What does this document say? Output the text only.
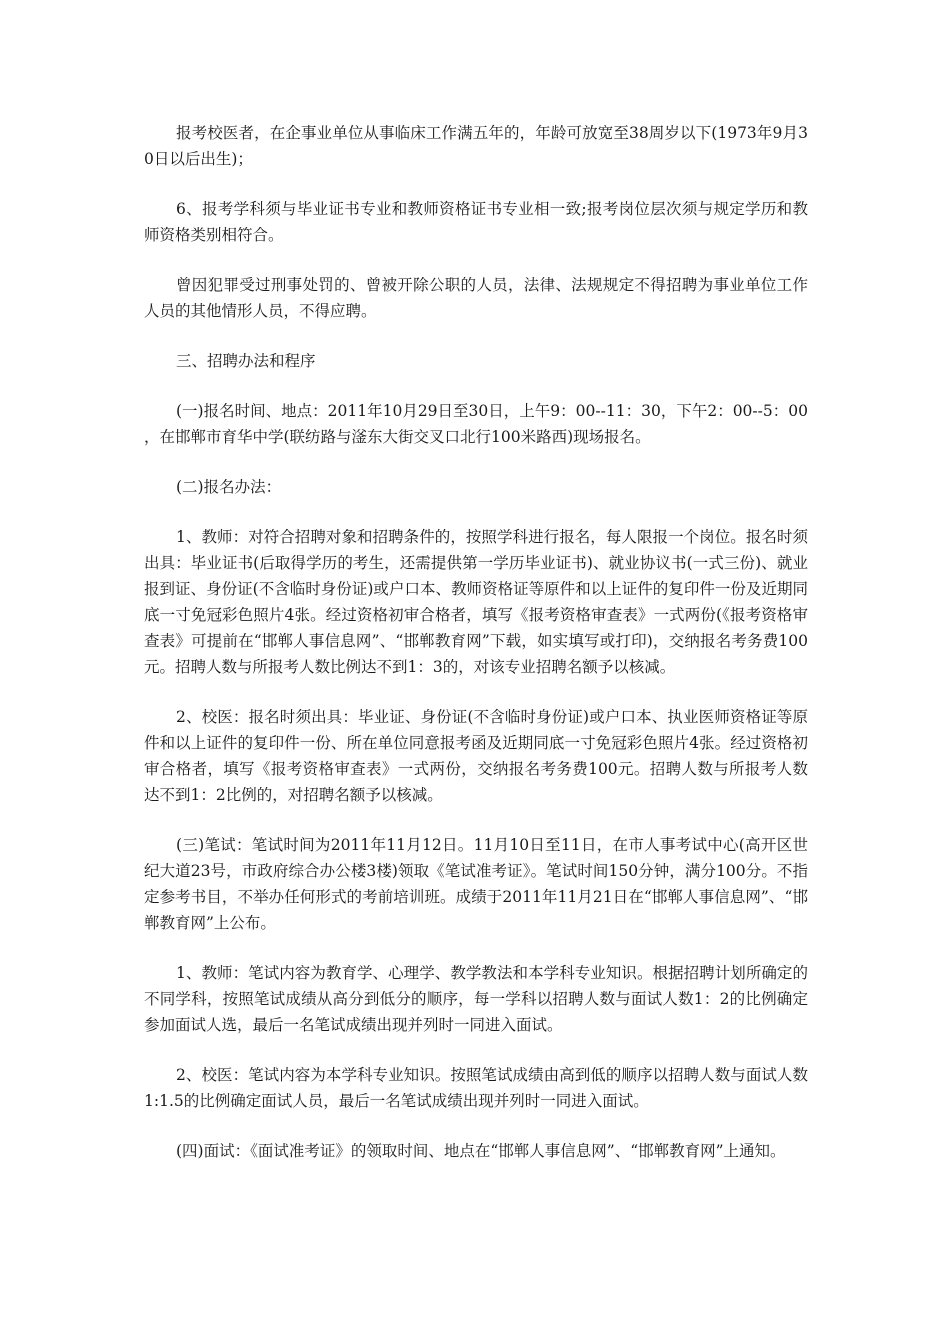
报考校医者，在企事业单位从事临床工作满五年的，年龄可放宽至38周岁以下(1973年9月30日以后出生)；

6、报考学科须与毕业证书专业和教师资格证书专业相一致;报考岗位层次须与规定学历和教师资格类别相符合。

曾因犯罪受过刑事处罚的、曾被开除公职的人员，法律、法规规定不得招聘为事业单位工作人员的其他情形人员，不得应聘。

三、招聘办法和程序

(一)报名时间、地点：2011年10月29日至30日，上午9：00--11：30，下午2：00--5：00，在邯郸市育华中学(联纺路与滏东大街交叉口北行100米路西)现场报名。

(二)报名办法：

1、教师：对符合招聘对象和招聘条件的，按照学科进行报名，每人限报一个岗位。报名时须出具：毕业证书(后取得学历的考生，还需提供第一学历毕业证书)、就业协议书(一式三份)、就业报到证、身份证(不含临时身份证)或户口本、教师资格证等原件和以上证件的复印件一份及近期同底一寸免冠彩色照片4张。经过资格初审合格者，填写《报考资格审查表》一式两份(《报考资格审查表》可提前在“邯郸人事信息网”、“邯郸教育网”下载，如实填写或打印)，交纳报名考务费100元。招聘人数与所报考人数比例达不到1：3的，对该专业招聘名额予以核减。

2、校医：报名时须出具：毕业证、身份证(不含临时身份证)或户口本、执业医师资格证等原件和以上证件的复印件一份、所在单位同意报考函及近期同底一寸免冠彩色照片4张。经过资格初审合格者，填写《报考资格审查表》一式两份，交纳报名考务费100元。招聘人数与所报考人数达不到1：2比例的，对招聘名额予以核减。

(三)笔试：笔试时间为2011年11月12日。11月10日至11日，在市人事考试中心(高开区世纪大道23号，市政府综合办公楼3楼)领取《笔试准考证》。笔试时间150分钟，满分100分。不指定参考书目，不举办任何形式的考前培训班。成绩于2011年11月21日在“邯郸人事信息网”、“邯郸教育网”上公布。

1、教师：笔试内容为教育学、心理学、教学教法和本学科专业知识。根据招聘计划所确定的不同学科，按照笔试成绩从高分到低分的顺序，每一学科以招聘人数与面试人数1：2的比例确定参加面试人选，最后一名笔试成绩出现并列时一同进入面试。

2、校医：笔试内容为本学科专业知识。按照笔试成绩由高到低的顺序以招聘人数与面试人数1:1.5的比例确定面试人员，最后一名笔试成绩出现并列时一同进入面试。

(四)面试：《面试准考证》的领取时间、地点在“邯郸人事信息网”、“邯郸教育网”上通知。
